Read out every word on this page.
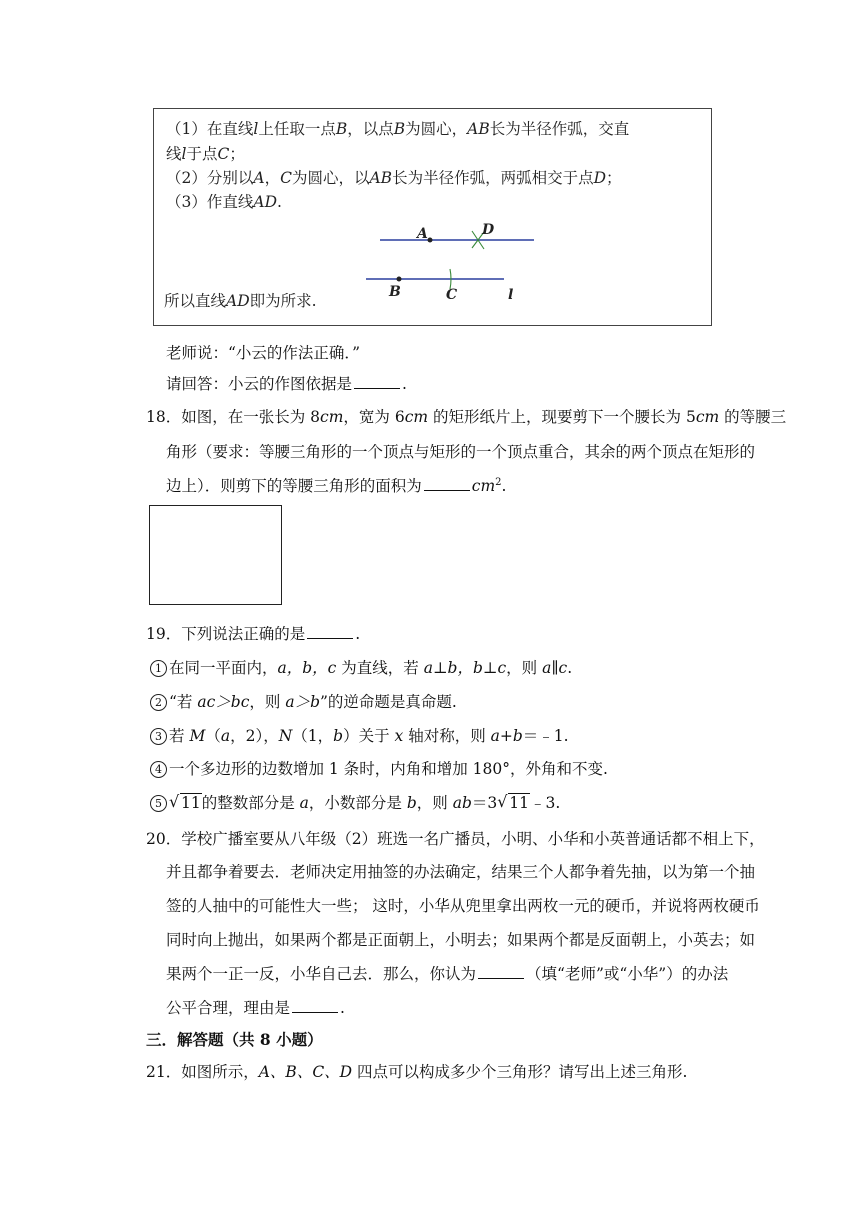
（1）在直线l上任取一点B，以点B为圆心，AB长为半径作弧，交直
线l于点C；
（2）分别以A，C为圆心，以AB长为半径作弧，两弧相交于点D；
（3）作直线AD.
A	D
B	C	l
所以直线AD即为所求.
老师说：“小云的作法正确．”
请回答：小云的作图依据是	.
18．如图，在一张长为 8cm，宽为 6cm 的矩形纸片上，现要剪下一个腰长为 5cm 的等腰三
角形（要求：等腰三角形的一个顶点与矩形的一个顶点重合，其余的两个顶点在矩形的
边上）．则剪下的等腰三角形的面积为	$cm^2$.
19．下列说法正确的是	.
1 在同一平面内，a，b，c 为直线，若 a⊥b，b⊥c，则 a∥c.
2 “若 ac＞bc，则 a＞b”的逆命题是真命题.
3 若 M（a，2），N（1，b）关于 x 轴对称，则 a+b＝﹣1.
4 一个多边形的边数增加 1 条时，内角和增加 180°，外角和不变.
5 √ 11的整数部分是 a，小数部分是 b，则 ab＝3 √ 11﹣3.
20．学校广播室要从八年级（2）班选一名广播员，小明、小华和小英普通话都不相上下，
并且都争着要去．老师决定用抽签的办法确定，结果三个人都争着先抽，以为第一个抽
签的人抽中的可能性大一些； 这时，小华从兜里拿出两枚一元的硬币，并说将两枚硬币
同时向上抛出，如果两个都是正面朝上，小明去；如果两个都是反面朝上，小英去；如
果两个一正一反，小华自己去．那么，你认为	（填“老师”或“小华”）的办法
公平合理，理由是	.
三．解答题（共 8 小题）
21．如图所示，A、B、C、D 四点可以构成多少个三角形？请写出上述三角形.
